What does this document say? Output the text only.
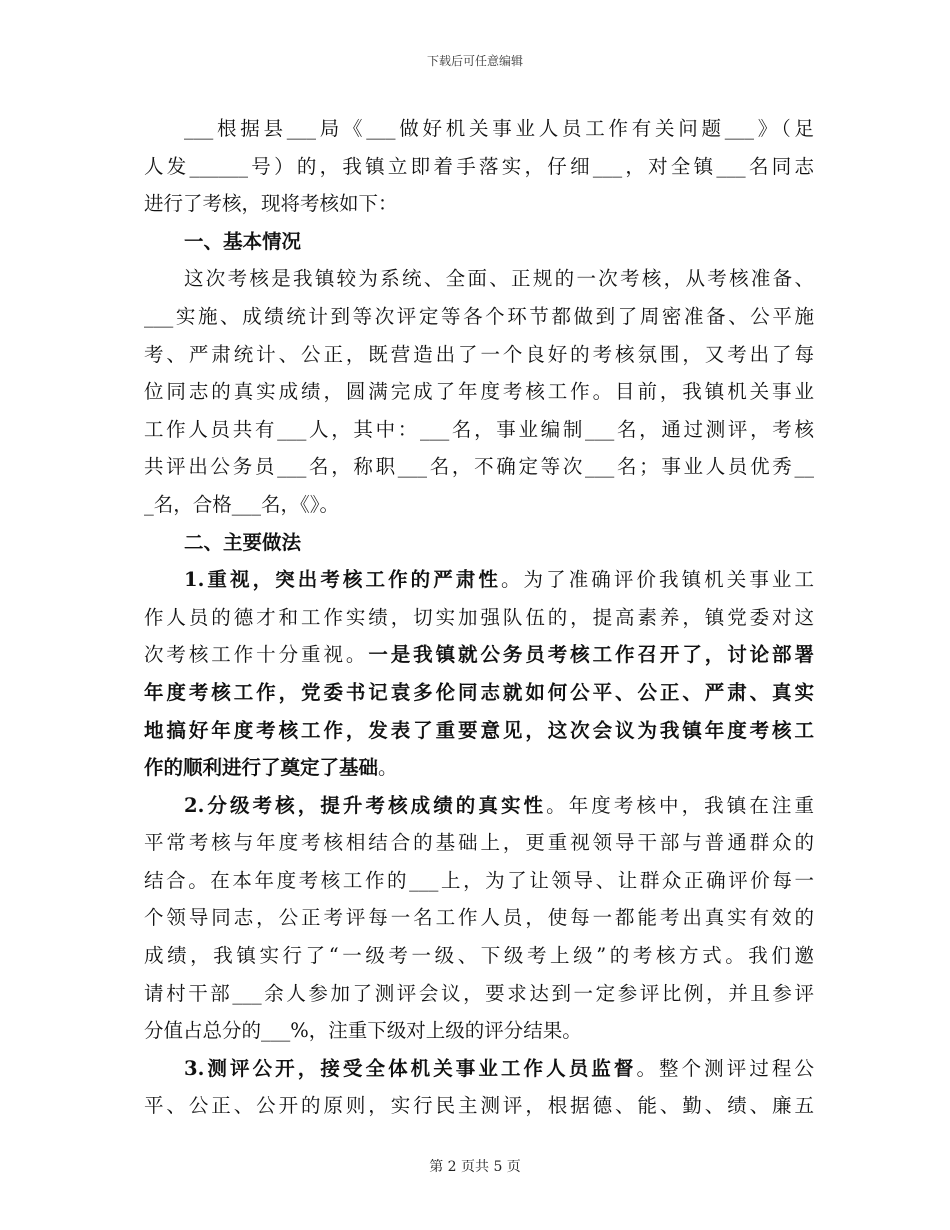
下载后可任意编辑
___根据县___局《___做好机关事业人员工作有关问题___》（足
人发______号）的，我镇立即着手落实，仔细___，对全镇___名同志
进行了考核，现将考核如下：
一、基本情况
这次考核是我镇较为系统、全面、正规的一次考核，从考核准备、
___实施、成绩统计到等次评定等各个环节都做到了周密准备、公平施
考、严肃统计、公正，既营造出了一个良好的考核氛围，又考出了每
位同志的真实成绩，圆满完成了年度考核工作。目前，我镇机关事业
工作人员共有___人，其中：___名，事业编制___名，通过测评，考核
共评出公务员___名，称职___名，不确定等次___名；事业人员优秀__
_名，合格___名，《》。
二、主要做法
1.重视，突出考核工作的严肃性。为了准确评价我镇机关事业工
作人员的德才和工作实绩，切实加强队伍的，提高素养，镇党委对这
次考核工作十分重视。一是我镇就公务员考核工作召开了，讨论部署
年度考核工作，党委书记袁多伦同志就如何公平、公正、严肃、真实
地搞好年度考核工作，发表了重要意见，这次会议为我镇年度考核工
作的顺利进行了奠定了基础。
2.分级考核，提升考核成绩的真实性。年度考核中，我镇在注重
平常考核与年度考核相结合的基础上，更重视领导干部与普通群众的
结合。在本年度考核工作的___上，为了让领导、让群众正确评价每一
个领导同志，公正考评每一名工作人员，使每一都能考出真实有效的
成绩，我镇实行了“一级考一级、下级考上级”的考核方式。我们邀
请村干部___余人参加了测评会议，要求达到一定参评比例，并且参评
分值占总分的___%，注重下级对上级的评分结果。
3.测评公开，接受全体机关事业工作人员监督。整个测评过程公
平、公正、公开的原则，实行民主测评，根据德、能、勤、绩、廉五
第 2 页共 5 页
